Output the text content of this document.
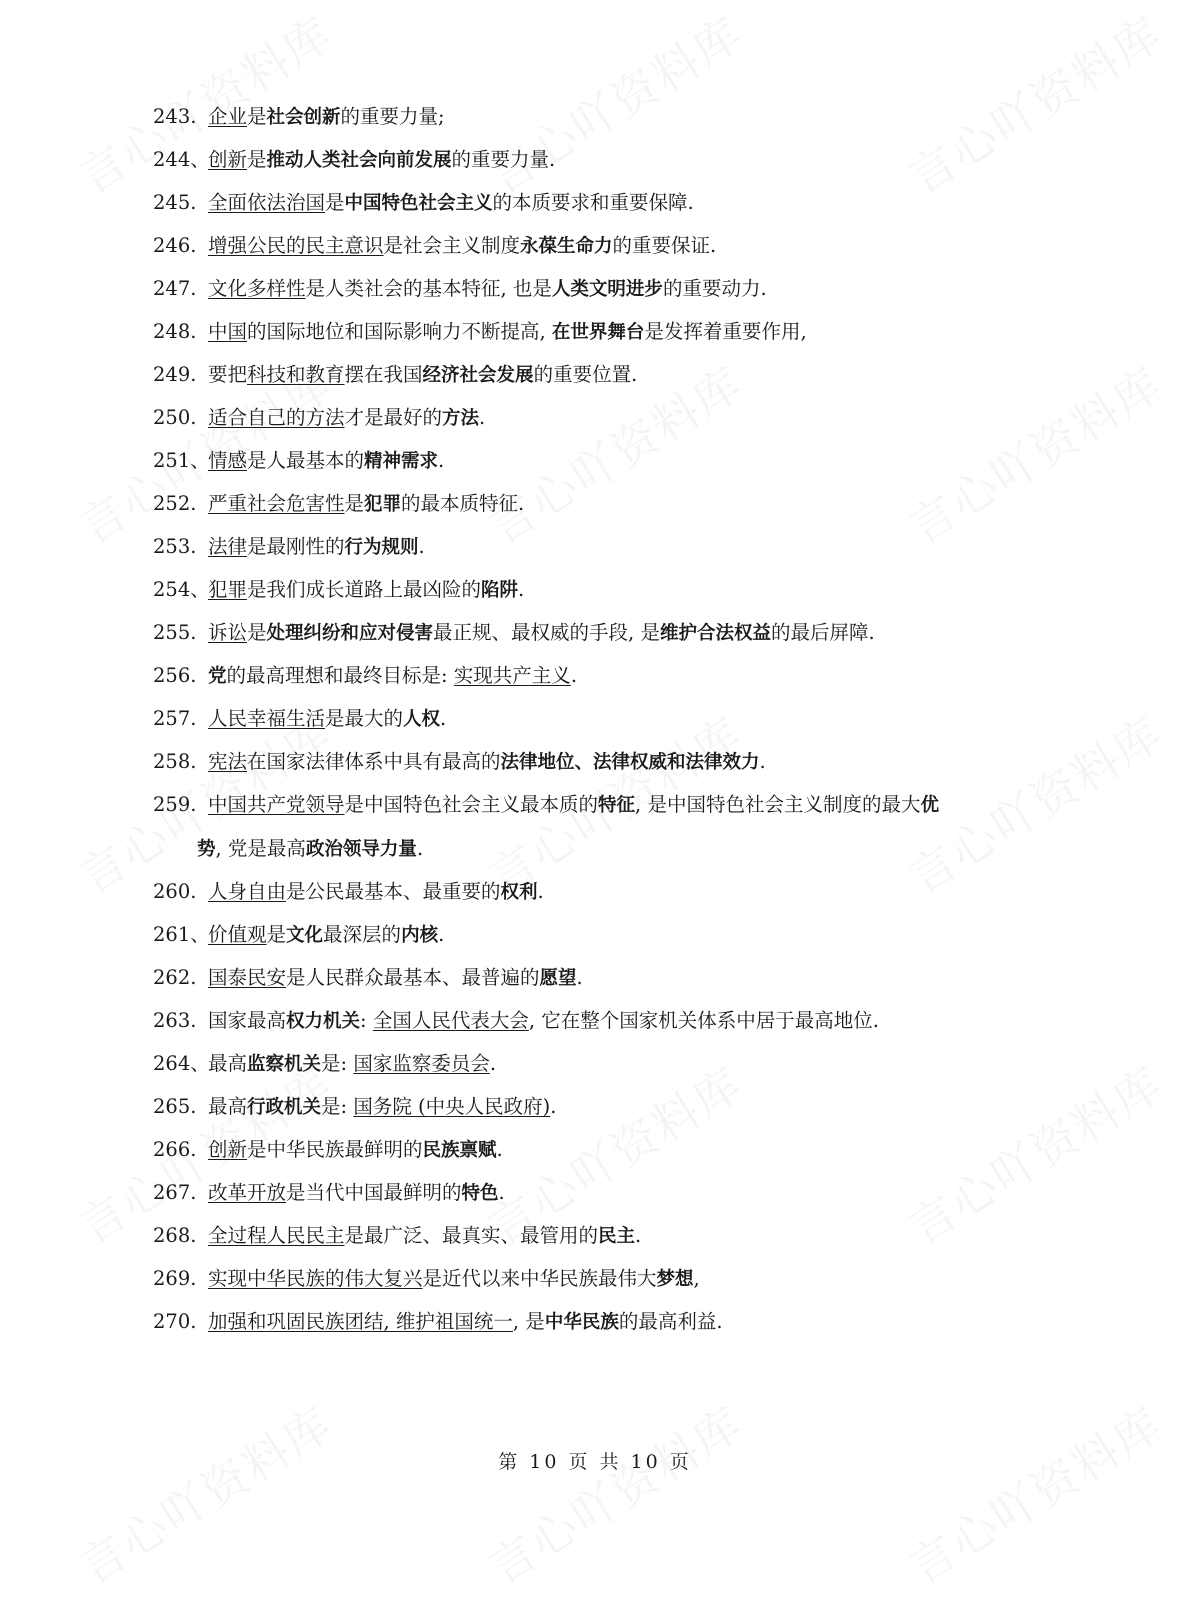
243. 企业是社会创新的重要力量;
244、创新是推动人类社会向前发展的重要力量.
245. 全面依法治国是中国特色社会主义的本质要求和重要保障.
246. 增强公民的民主意识是社会主义制度永葆生命力的重要保证.
247. 文化多样性是人类社会的基本特征, 也是人类文明进步的重要动力.
248. 中国的国际地位和国际影响力不断提高, 在世界舞台是发挥着重要作用,
249. 要把科技和教育摆在我国经济社会发展的重要位置.
250. 适合自己的方法才是最好的方法.
251、情感是人最基本的精神需求.
252. 严重社会危害性是犯罪的最本质特征.
253. 法律是最刚性的行为规则.
254、犯罪是我们成长道路上最凶险的陷阱.
255. 诉讼是处理纠纷和应对侵害最正规、最权威的手段, 是维护合法权益的最后屏障.
256. 党的最高理想和最终目标是: 实现共产主义.
257. 人民幸福生活是最大的人权.
258. 宪法在国家法律体系中具有最高的法律地位、法律权威和法律效力.
259. 中国共产党领导是中国特色社会主义最本质的特征, 是中国特色社会主义制度的最大优
势, 党是最高政治领导力量.
260. 人身自由是公民最基本、最重要的权利.
261、价值观是文化最深层的内核.
262. 国泰民安是人民群众最基本、最普遍的愿望.
263. 国家最高权力机关: 全国人民代表大会, 它在整个国家机关体系中居于最高地位.
264、最高监察机关是: 国家监察委员会.
265. 最高行政机关是: 国务院 (中央人民政府).
266. 创新是中华民族最鲜明的民族禀赋.
267. 改革开放是当代中国最鲜明的特色.
268. 全过程人民民主是最广泛、最真实、最管用的民主.
269. 实现中华民族的伟大复兴是近代以来中华民族最伟大梦想,
270. 加强和巩固民族团结, 维护祖国统一, 是中华民族的最高利益.
第 10 页 共 10 页
